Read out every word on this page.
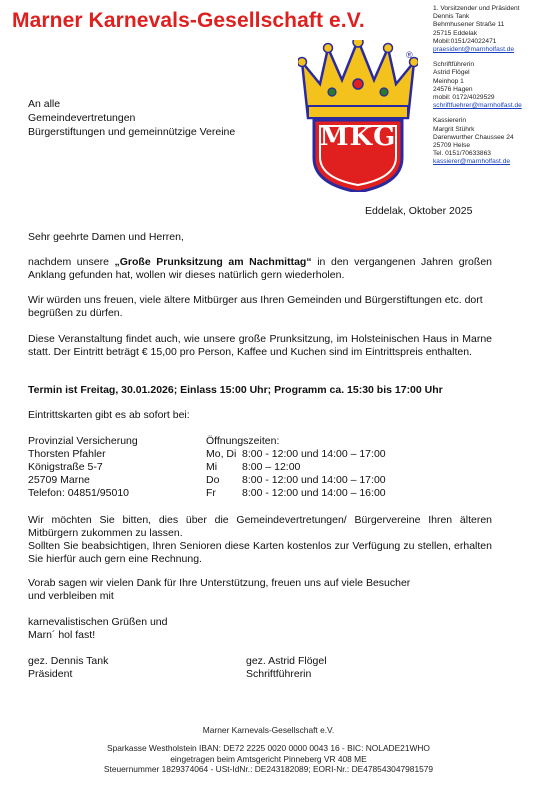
Marner Karnevals-Gesellschaft e.V.
MKG
®
1. Vorsitzender und Präsident
Dennis Tank
Behmhusener Straße 11
25715 Eddelak
Mobil:0151/24022471
praesident@marnholfast.de
Schriftführerin
Astrid Flögel
Meinhop 1
24576 Hagen
mobil: 0172/4029529
schriftfuehrer@marnholfast.de
Kassiererin
Margrit Stührk
Darenwurther Chaussee 24
25709 Helse
Tel. 0151/70633863
kassierer@marnholfast.de
An alle
Gemeindevertretungen
Bürgerstiftungen und gemeinnützige Vereine
Eddelak, Oktober 2025
Sehr geehrte Damen und Herren,
nachdem unsere „Große Prunksitzung am Nachmittag“ in den vergangenen Jahren großen Anklang gefunden hat, wollen wir dieses natürlich gern wiederholen.
Wir würden uns freuen, viele ältere Mitbürger aus Ihren Gemeinden und Bürgerstiftungen etc. dort begrüßen zu dürfen.
Diese Veranstaltung findet auch, wie unsere große Prunksitzung, im Holsteinischen Haus in Marne statt. Der Eintritt beträgt € 15,00 pro Person, Kaffee und Kuchen sind im Eintrittspreis enthalten.
Termin ist Freitag, 30.01.2026; Einlass 15:00 Uhr; Programm ca. 15:30 bis 17:00 Uhr
Eintrittskarten gibt es ab sofort bei:
Provinzial Versicherung	Öffnungszeiten:
Thorsten Pfahler	Mo, Di 8:00 - 12:00 und 14:00 – 17:00
Königstraße 5-7	Mi	8:00 – 12:00
25709 Marne	Do	8:00 - 12:00 und 14:00 – 17:00
Telefon: 04851/95010	Fr	8:00 - 12:00 und 14:00 – 16:00
Wir möchten Sie bitten, dies über die Gemeindevertretungen/ Bürgervereine Ihren älteren Mitbürgern zukommen zu lassen.
Sollten Sie beabsichtigen, Ihren Senioren diese Karten kostenlos zur Verfügung zu stellen, erhalten Sie hierfür auch gern eine Rechnung.
Vorab sagen wir vielen Dank für Ihre Unterstützung, freuen uns auf viele Besucher
und verbleiben mit
karnevalistischen Grüßen und
Marn´ hol fast!
gez. Dennis Tank
Präsident
gez. Astrid Flögel
Schriftführerin
Marner Karnevals-Gesellschaft e.V.
Sparkasse Westholstein IBAN: DE72 2225 0020 0000 0043 16 - BIC: NOLADE21WHO
eingetragen beim Amtsgericht Pinneberg VR 408 ME
Steuernummer 1829374064 - USt-IdNr.: DE243182089; EORI-Nr.: DE478543047981579
